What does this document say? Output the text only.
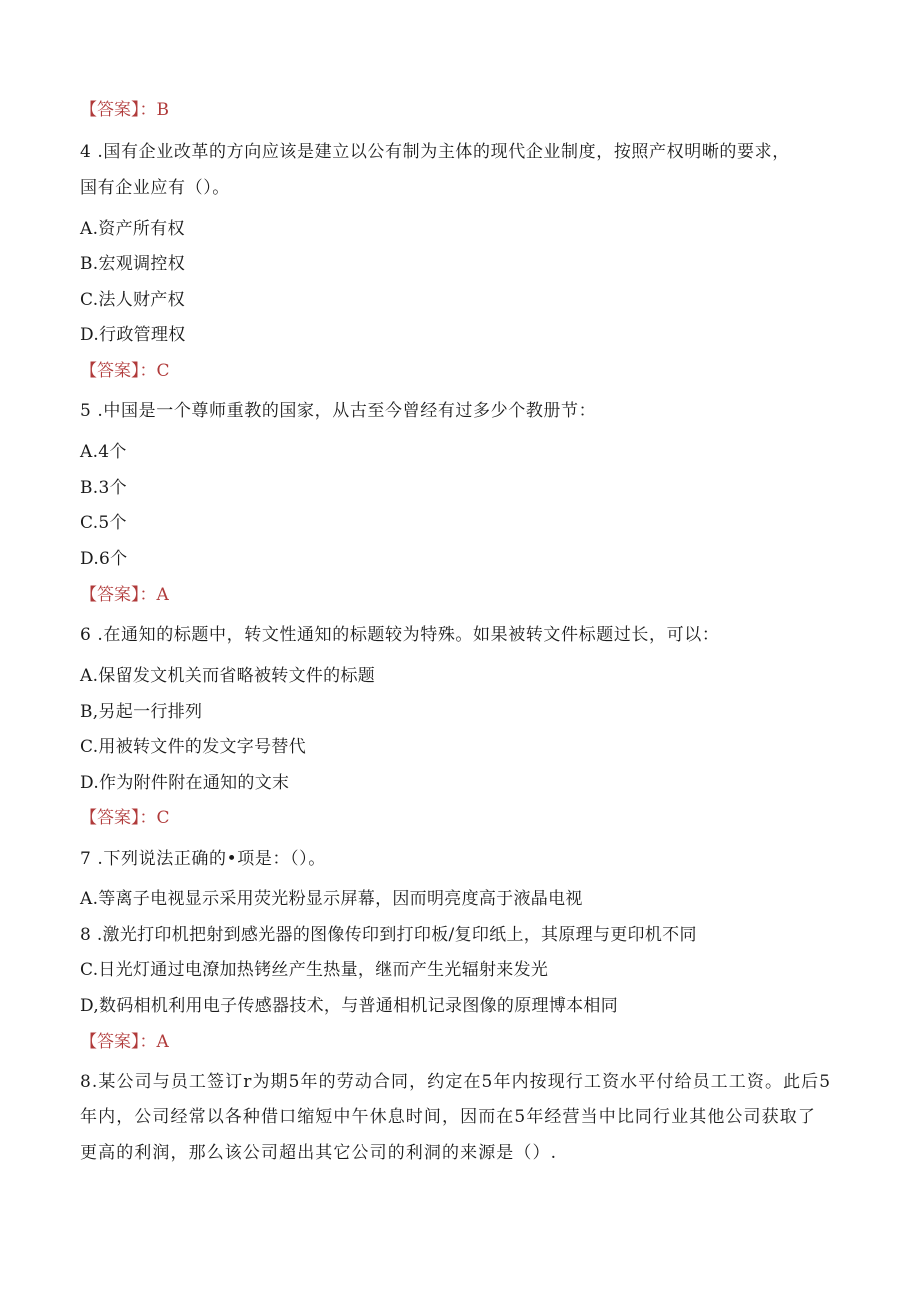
【答案】：B
4 .国有企业改革的方向应该是建立以公有制为主体的现代企业制度，按照产权明晰的要求，
国有企业应有（）。
A.资产所有权
B.宏观调控权
C.法人财产权
D.行政管理权
【答案】：C
5 .中国是一个尊师重教的国家，从古至今曾经有过多少个教册节：
A.4个
B.3个
C.5个
D.6个
【答案】：A
6 .在通知的标题中，转文性通知的标题较为特殊。如果被转文件标题过长，可以：
A.保留发文机关而省略被转文件的标题
B,另起一行排列
C.用被转文件的发文字号替代
D.作为附件附在通知的文末
【答案】：C
7 .下列说法正确的•项是：（）。
A.等离子电视显示采用荧光粉显示屏幕，因而明亮度高于液晶电视
8 .激光打印机把射到感光器的图像传印到打印板/复印纸上，其原理与更印机不同
C.日光灯通过电潦加热铐丝产生热量，继而产生光辐射来发光
D,数码相机利用电子传感器技术，与普通相机记录图像的原理博本相同
【答案】：A
8.某公司与员工签订r为期5年的劳动合同，约定在5年内按现行工资水平付给员工工资。此后5
年内，公司经常以各种借口缩短中午休息时间，因而在5年经营当中比同行业其他公司获取了
更高的利润，那么该公司超出其它公司的利洞的来源是（）.
